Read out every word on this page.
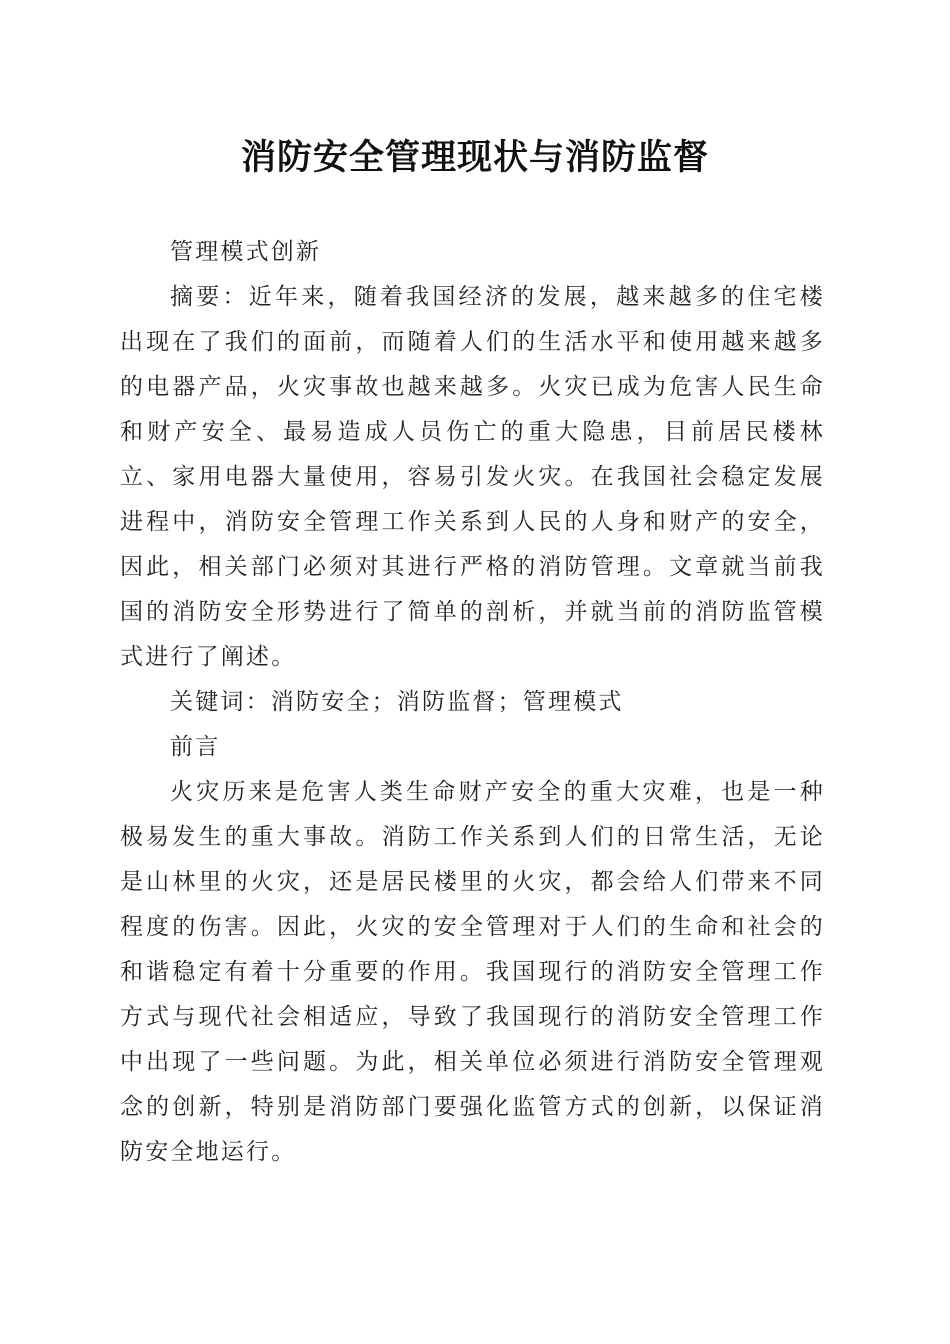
消防安全管理现状与消防监督

管理模式创新

摘要：近年来，随着我国经济的发展，越来越多的住宅楼出现在了我们的面前，而随着人们的生活水平和使用越来越多的电器产品，火灾事故也越来越多。火灾已成为危害人民生命和财产安全、最易造成人员伤亡的重大隐患，目前居民楼林立、家用电器大量使用，容易引发火灾。在我国社会稳定发展进程中，消防安全管理工作关系到人民的人身和财产的安全，因此，相关部门必须对其进行严格的消防管理。文章就当前我国的消防安全形势进行了简单的剖析，并就当前的消防监管模式进行了阐述。

关键词：消防安全；消防监督；管理模式

前言

火灾历来是危害人类生命财产安全的重大灾难，也是一种极易发生的重大事故。消防工作关系到人们的日常生活，无论是山林里的火灾，还是居民楼里的火灾，都会给人们带来不同程度的伤害。因此，火灾的安全管理对于人们的生命和社会的和谐稳定有着十分重要的作用。我国现行的消防安全管理工作方式与现代社会相适应，导致了我国现行的消防安全管理工作中出现了一些问题。为此，相关单位必须进行消防安全管理观念的创新，特别是消防部门要强化监管方式的创新，以保证消防安全地运行。
